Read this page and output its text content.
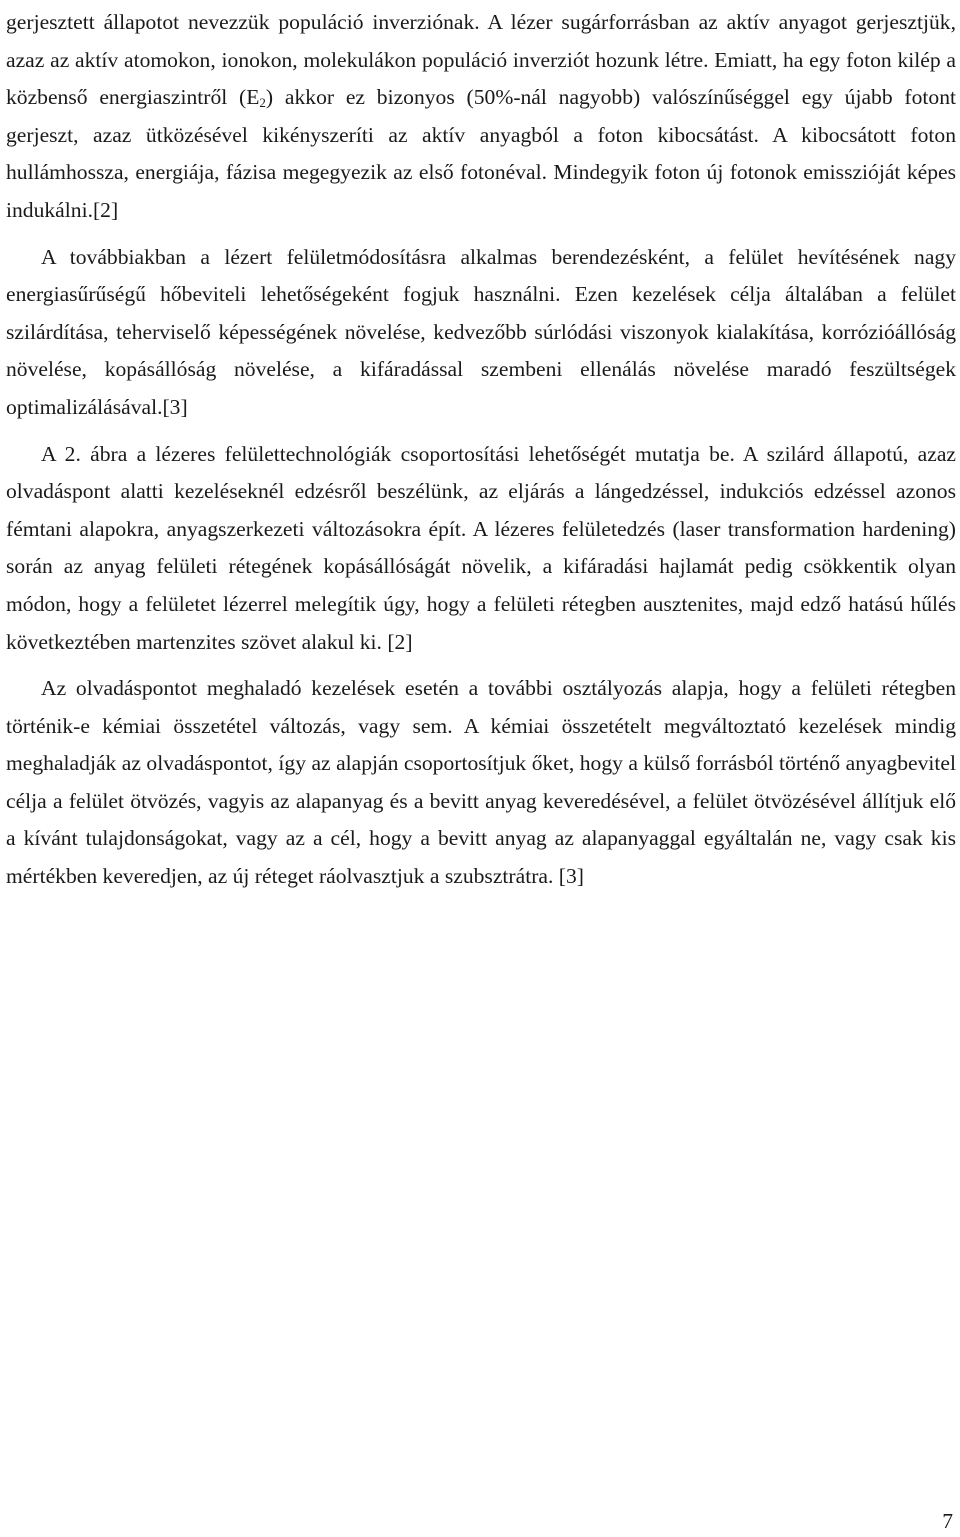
gerjesztett állapotot nevezzük populáció inverziónak. A lézer sugárforrásban az aktív anyagot gerjesztjük, azaz az aktív atomokon, ionokon, molekulákon populáció inverziót hozunk létre. Emiatt, ha egy foton kilép a közbenső energiaszintről $(E_2)$ akkor ez bizonyos (50%-nál nagyobb) valószínűséggel egy újabb fotont gerjeszt, azaz ütközésével kikényszeríti az aktív anyagból a foton kibocsátást. A kibocsátott foton hullámhossza, energiája, fázisa megegyezik az első fotonéval. Mindegyik foton új fotonok emisszióját képes indukálni.[2]

A továbbiakban a lézert felületmódosításra alkalmas berendezésként, a felület hevítésének nagy energiasűrűségű hőbeviteli lehetőségeként fogjuk használni. Ezen kezelések célja általában a felület szilárdítása, teherviselő képességének növelése, kedvezőbb súrlódási viszonyok kialakítása, korrózióállóság növelése, kopásállóság növelése, a kifáradással szembeni ellenálás növelése maradó feszültségek optimalizálásával.[3]

A 2. ábra a lézeres felülettechnológiák csoportosítási lehetőségét mutatja be. A szilárd állapotú, azaz olvadáspont alatti kezeléseknél edzésről beszélünk, az eljárás a lángedzéssel, indukciós edzéssel azonos fémtani alapokra, anyagszerkezeti változásokra épít. A lézeres felületedzés (laser transformation hardening) során az anyag felületi rétegének kopásállóságát növelik, a kifáradási hajlamát pedig csökkentik olyan módon, hogy a felületet lézerrel melegítik úgy, hogy a felületi rétegben ausztenites, majd edző hatású hűlés következtében martenzites szövet alakul ki. [2]

Az olvadáspontot meghaladó kezelések esetén a további osztályozás alapja, hogy a felületi rétegben történik-e kémiai összetétel változás, vagy sem. A kémiai összetételt megváltoztató kezelések mindig meghaladják az olvadáspontot, így az alapján csoportosítjuk őket, hogy a külső forrásból történő anyagbevitel célja a felület ötvözés, vagyis az alapanyag és a bevitt anyag keveredésével, a felület ötvözésével állítjuk elő a kívánt tulajdonságokat, vagy az a cél, hogy a bevitt anyag az alapanyaggal egyáltalán ne, vagy csak kis mértékben keveredjen, az új réteget ráolvasztjuk a szubsztrátra. [3]

7
